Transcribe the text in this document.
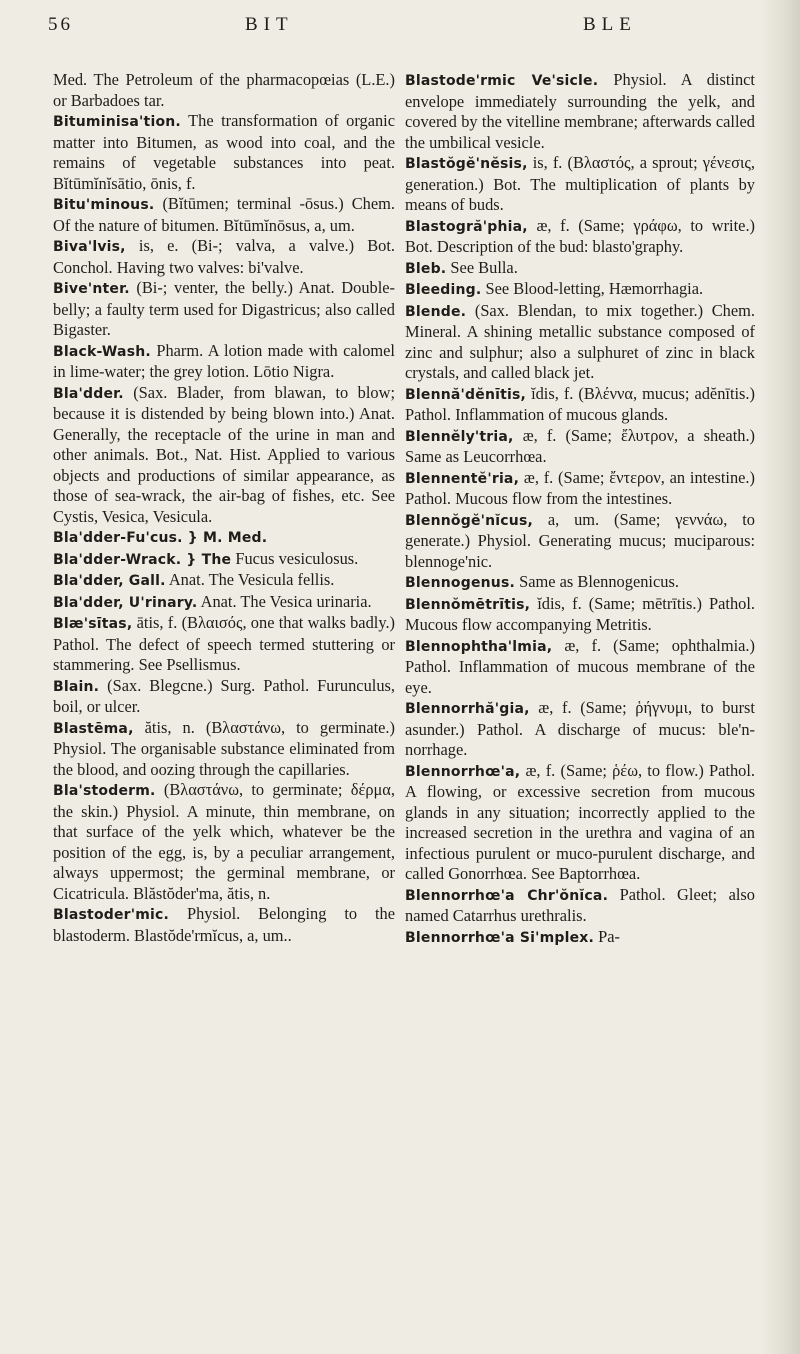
56	BIT	BLE

Med. The Petroleum of the pharmacopœias (L.E.) or Barbadoes tar.

Bituminisa'tion. The transformation of organic matter into Bitumen, as wood into coal, and the remains of vegetable substances into peat. Bĭtūmĭnĭsātio, ōnis, f.

Bitu'minous. (Bĭtūmen; terminal -ōsus.) Chem. Of the nature of bitumen. Bĭtūmĭnōsus, a, um.

Biva'lvis, is, e. (Bi-; valva, a valve.) Bot. Conchol. Having two valves: bi'valve.

Bive'nter. (Bi-; venter, the belly.) Anat. Double-belly; a faulty term used for Digastricus; also called Bigaster.

Black-Wash. Pharm. A lotion made with calomel in lime-water; the grey lotion. Lōtio Nigra.

Bla'dder. (Sax. Blader, from blawan, to blow; because it is distended by being blown into.) Anat. Generally, the receptacle of the urine in man and other animals. Bot., Nat. Hist. Applied to various objects and productions of similar appearance, as those of sea-wrack, the air-bag of fishes, etc. See Cystis, Vesica, Vesicula.

Bla'dder-Fu'cus. } M. Med.

Bla'dder-Wrack. } The Fucus vesiculosus.

Bla'dder, Gall. Anat. The Vesicula fellis.

Bla'dder, U'rinary. Anat. The Vesica urinaria.

Blæ'sītas, ātis, f. (Βλαισός, one that walks badly.) Pathol. The defect of speech termed stuttering or stammering. See Psellismus.

Blain. (Sax. Blegcne.) Surg. Pathol. Furunculus, boil, or ulcer.

Blastēma, ătis, n. (Βλαστάνω, to germinate.) Physiol. The organisable substance eliminated from the blood, and oozing through the capillaries.

Bla'stoderm. (Βλαστάνω, to germinate; δέρμα, the skin.) Physiol. A minute, thin membrane, on that surface of the yelk which, whatever be the position of the egg, is, by a peculiar arrangement, always uppermost; the germinal membrane, or Cicatricula. Blăstŏder'ma, ătis, n.

Blastoder'mic. Physiol. Belonging to the blastoderm. Blastŏde'rmĭcus, a, um..

Blastode'rmic Ve'sicle. Physiol. A distinct envelope immediately surrounding the yelk, and covered by the vitelline membrane; afterwards called the umbilical vesicle.

Blastŏgĕ'nĕsis, is, f. (Βλαστός, a sprout; γένεσις, generation.) Bot. The multiplication of plants by means of buds.

Blastogră'phia, æ, f. (Same; γράφω, to write.) Bot. Description of the bud: blasto'graphy.

Bleb. See Bulla.

Bleeding. See Blood-letting, Hæmorrhagia.

Blende. (Sax. Blendan, to mix together.) Chem. Mineral. A shining metallic substance composed of zinc and sulphur; also a sulphuret of zinc in black crystals, and called black jet.

Blennă'dĕnītis, ĭdis, f. (Βλέννα, mucus; adĕnītis.) Pathol. Inflammation of mucous glands.

Blennĕly'tria, æ, f. (Same; ἔλυτρον, a sheath.) Same as Leucorrhœa.

Blennentĕ'ria, æ, f. (Same; ἔντερον, an intestine.) Pathol. Mucous flow from the intestines.

Blennŏgĕ'nĭcus, a, um. (Same; γεννάω, to generate.) Physiol. Generating mucus; muciparous: blennoge'nic.

Blennogenus. Same as Blennogenicus.

Blennŏmētrītis, ĭdis, f. (Same; mētrītis.) Pathol. Mucous flow accompanying Metritis.

Blennophtha'lmia, æ, f. (Same; ophthalmia.) Pathol. Inflammation of mucous membrane of the eye.

Blennorrhă'gia, æ, f. (Same; ῥήγνυμι, to burst asunder.) Pathol. A discharge of mucus: ble'n-norrhage.

Blennorrhœ'a, æ, f. (Same; ῥέω, to flow.) Pathol. A flowing, or excessive secretion from mucous glands in any situation; incorrectly applied to the increased secretion in the urethra and vagina of an infectious purulent or muco-purulent discharge, and called Gonorrhœa. See Baptorrhœa.

Blennorrhœ'a Chr'ŏnĭca. Pathol. Gleet; also named Catarrhus urethralis.

Blennorrhœ'a Si'mplex. Pa-
